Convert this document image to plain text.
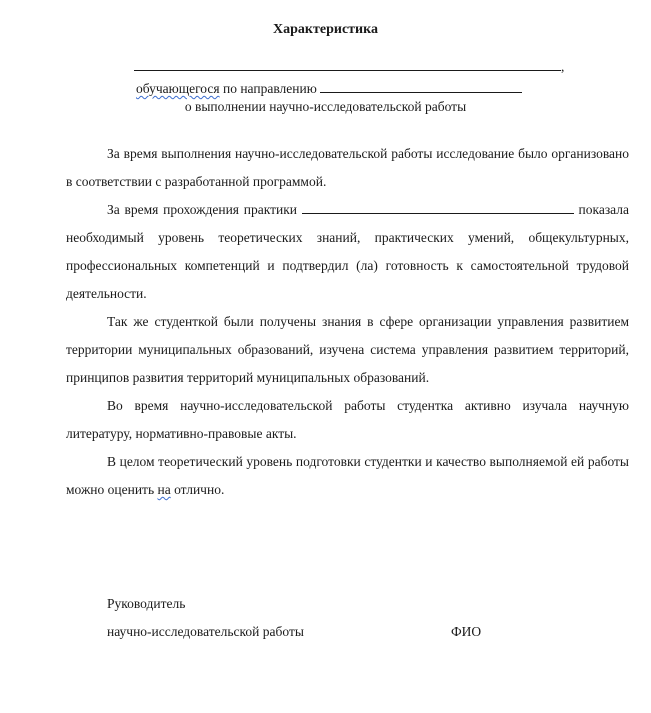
Характеристика
,
обучающегося по направлению
о выполнении научно-исследовательской работы

За время выполнения научно-исследовательской работы исследование было организовано в соответствии с разработанной программой.

За время прохождения практики	показала необходимый уровень теоретических знаний, практических умений, общекультурных, профессиональных компетенций и подтвердил (ла) готовность к самостоятельной трудовой деятельности.

Так же студенткой были получены знания в сфере организации управления развитием территории муниципальных образований, изучена система управления развитием территорий, принципов развития территорий муниципальных образований.

Во время научно-исследовательской работы студентка активно изучала научную литературу, нормативно-правовые акты.

В целом теоретический уровень подготовки студентки и качество выполняемой ей работы можно оценить на отлично.

Руководитель
научно-исследовательской работы	ФИО
